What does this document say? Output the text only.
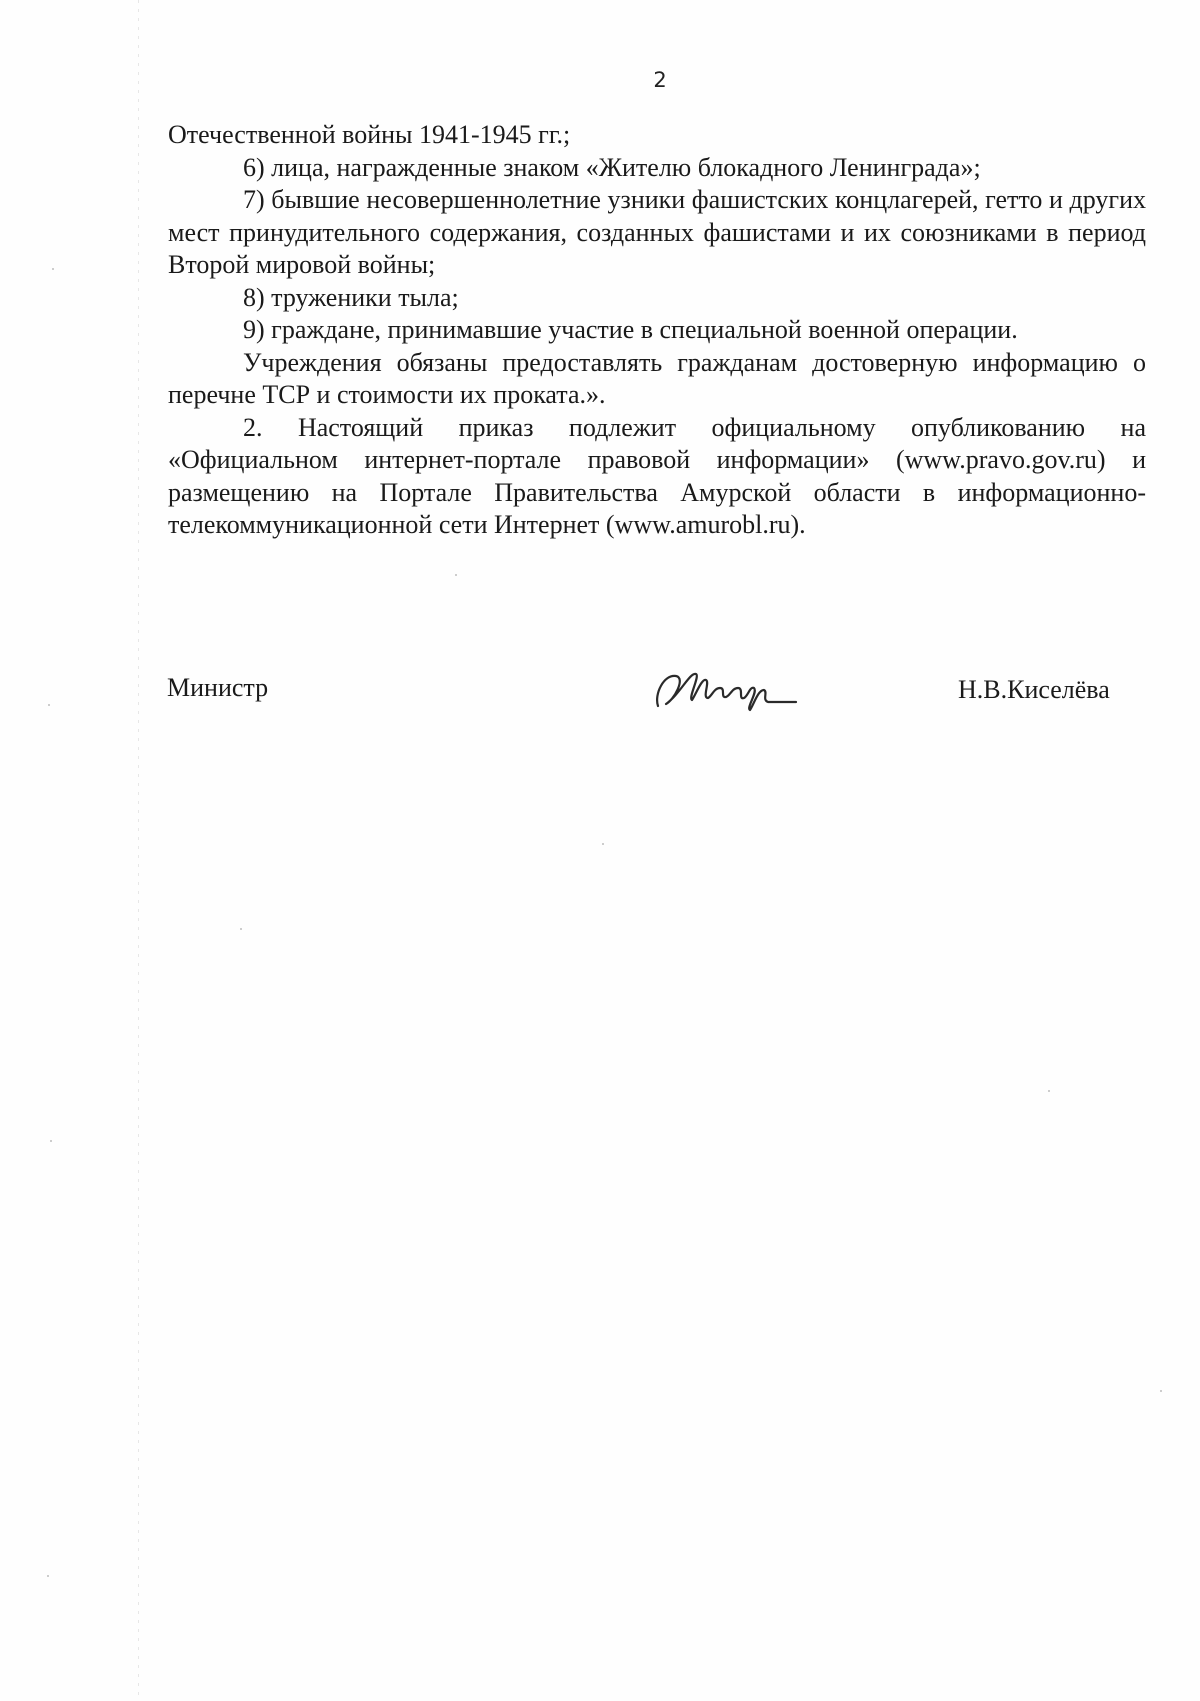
2

Отечественной войны 1941-1945 гг.;

6) лица, награжденные знаком «Жителю блокадного Ленинграда»;

7) бывшие несовершеннолетние узники фашистских концлагерей, гетто и других мест принудительного содержания, созданных фашистами и их союзниками в период Второй мировой войны;

8) труженики тыла;

9) граждане, принимавшие участие в специальной военной операции.

Учреждения обязаны предоставлять гражданам достоверную информацию о перечне ТСР и стоимости их проката.».

2. Настоящий приказ подлежит официальному опубликованию на «Официальном интернет-портале правовой информации» (www.pravo.gov.ru) и размещению на Портале Правительства Амурской области в информационно-телекоммуникационной сети Интернет (www.amurobl.ru).

Министр	Н.В.Киселёва
